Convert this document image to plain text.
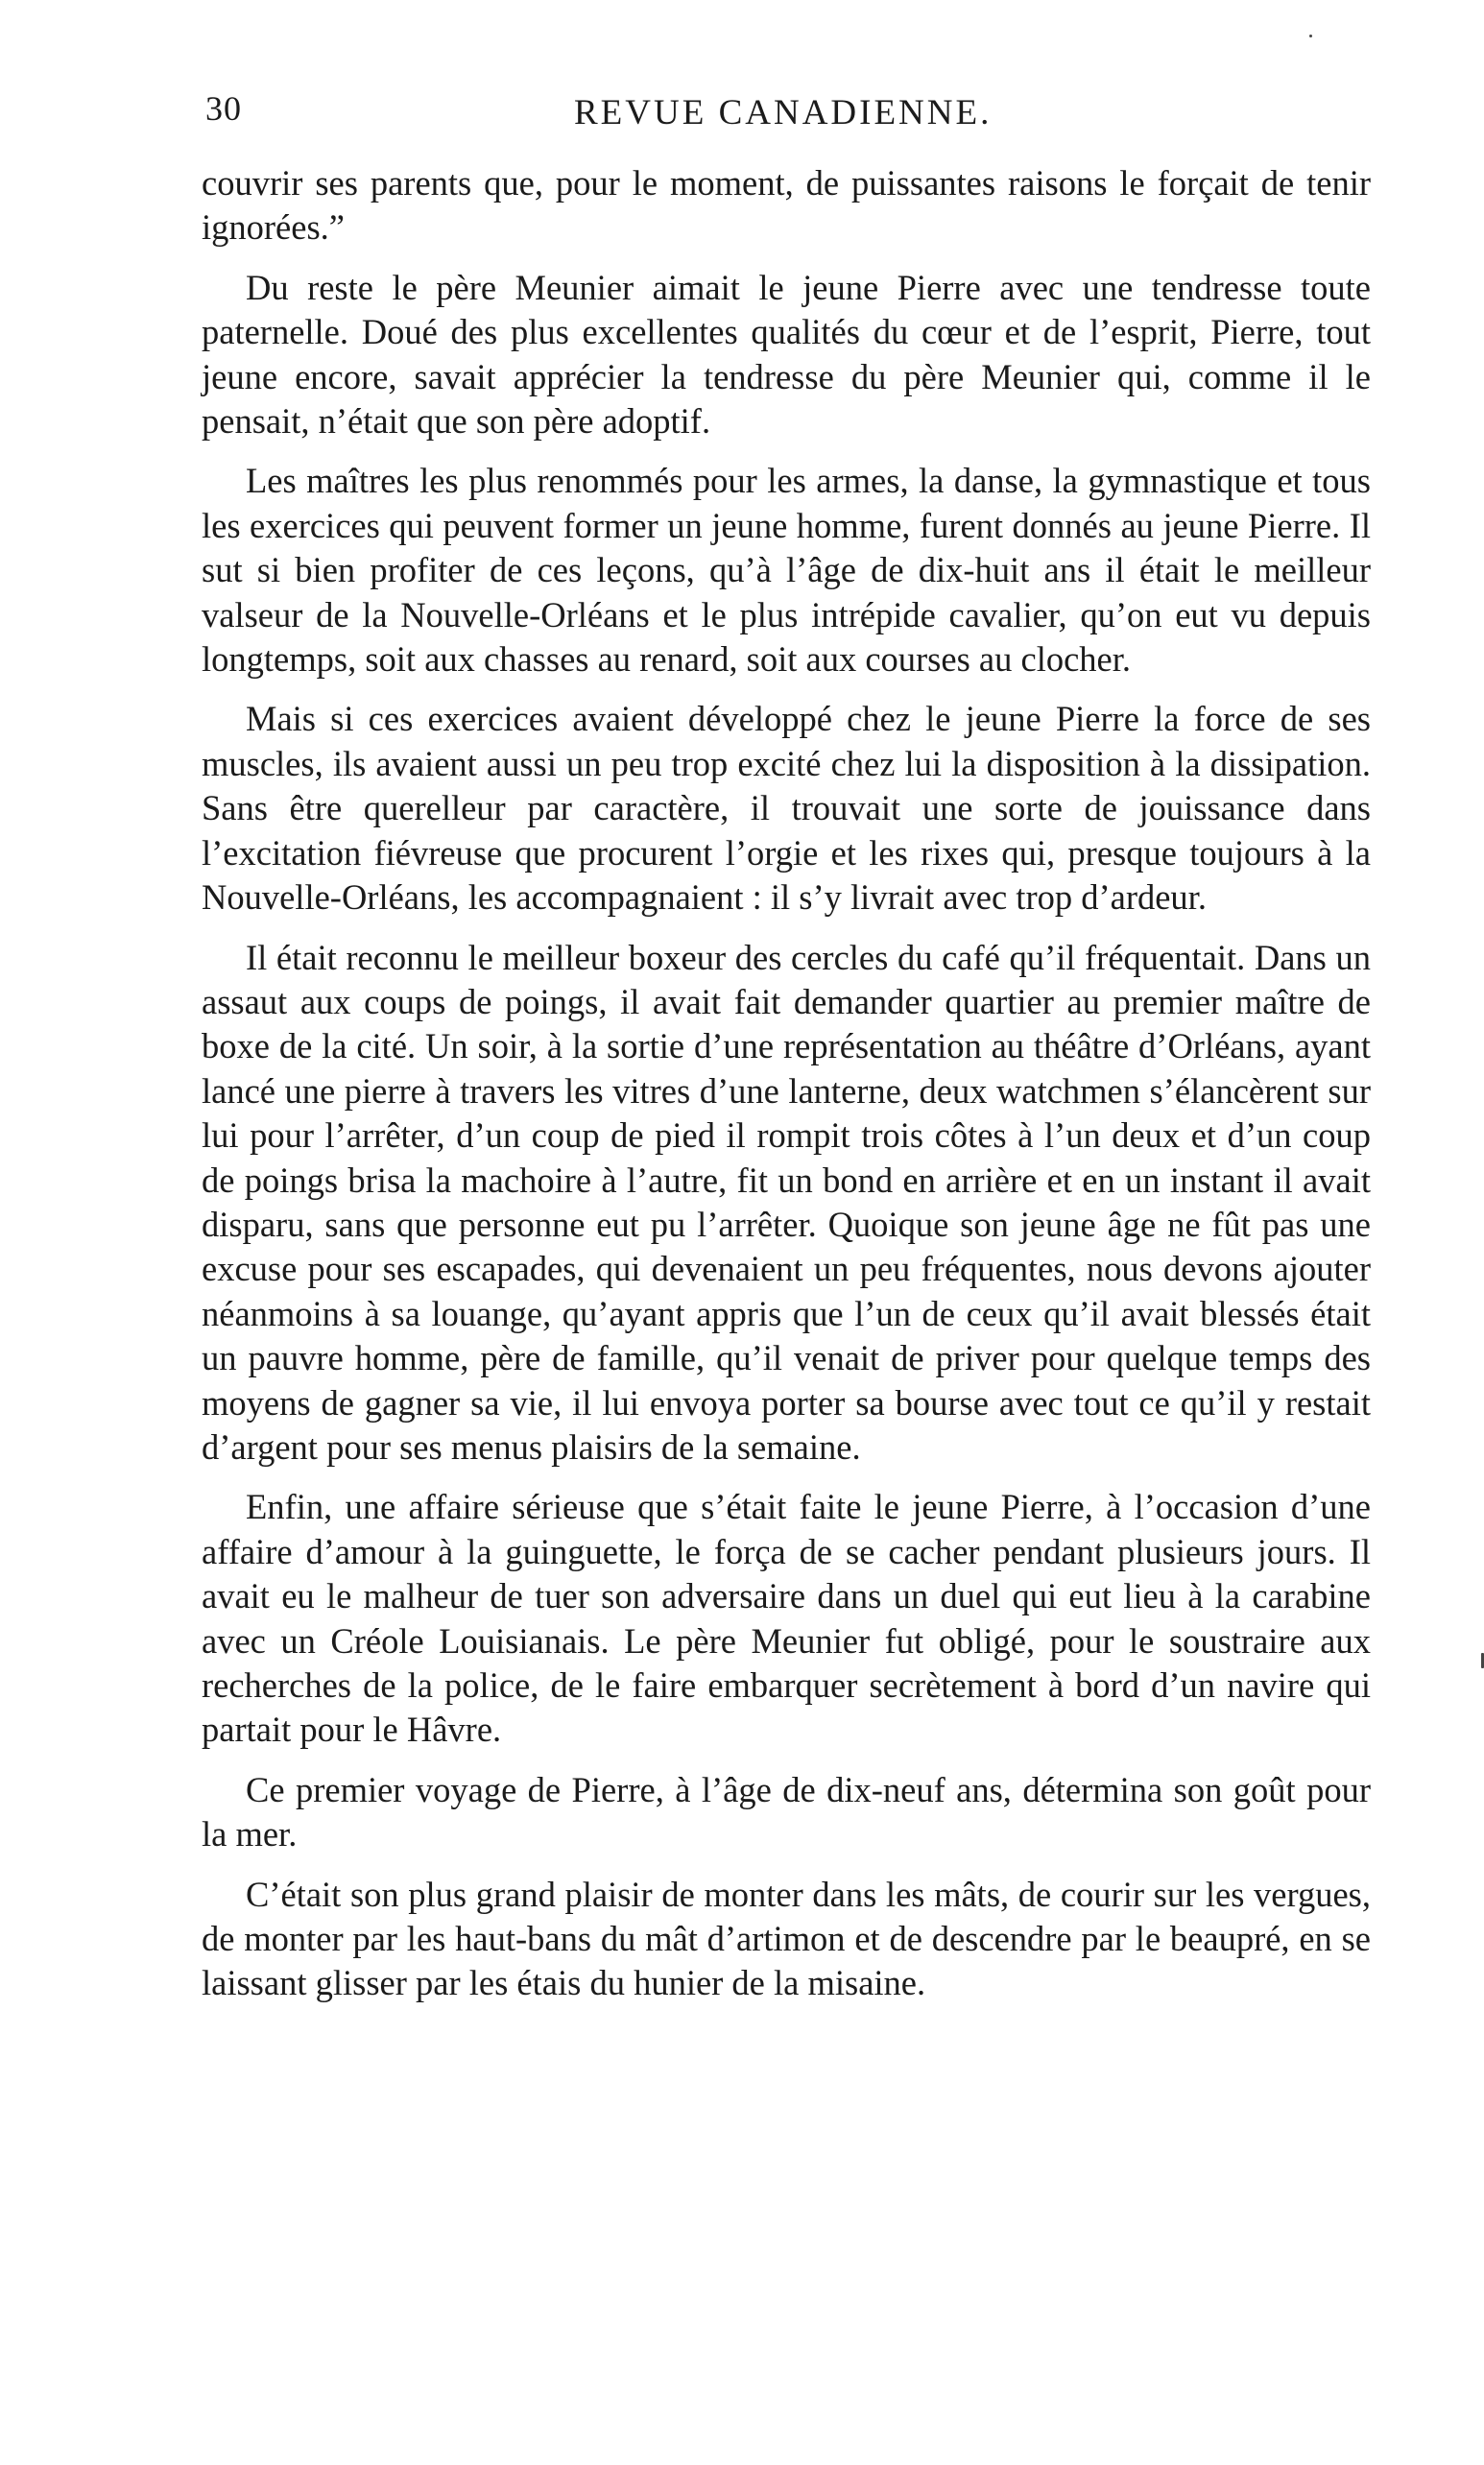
30	REVUE CANADIENNE.

couvrir ses parents que, pour le moment, de puissantes raisons le forçait de tenir ignorées.”

Du reste le père Meunier aimait le jeune Pierre avec une tendresse toute paternelle. Doué des plus excellentes qualités du cœur et de l’esprit, Pierre, tout jeune encore, savait apprécier la tendresse du père Meunier qui, comme il le pensait, n’était que son père adoptif.

Les maîtres les plus renommés pour les armes, la danse, la gymnastique et tous les exercices qui peuvent former un jeune homme, furent donnés au jeune Pierre. Il sut si bien profiter de ces leçons, qu’à l’âge de dix-huit ans il était le meilleur valseur de la Nouvelle-Orléans et le plus intrépide cavalier, qu’on eut vu depuis longtemps, soit aux chasses au renard, soit aux courses au clocher.

Mais si ces exercices avaient développé chez le jeune Pierre la force de ses muscles, ils avaient aussi un peu trop excité chez lui la disposition à la dissipation. Sans être querelleur par caractère, il trouvait une sorte de jouissance dans l’excitation fiévreuse que procurent l’orgie et les rixes qui, presque toujours à la Nouvelle-Orléans, les accompagnaient : il s’y livrait avec trop d’ardeur.

Il était reconnu le meilleur boxeur des cercles du café qu’il fréquentait. Dans un assaut aux coups de poings, il avait fait demander quartier au premier maître de boxe de la cité. Un soir, à la sortie d’une représentation au théâtre d’Orléans, ayant lancé une pierre à travers les vitres d’une lanterne, deux watchmen s’élancèrent sur lui pour l’arrêter, d’un coup de pied il rompit trois côtes à l’un deux et d’un coup de poings brisa la machoire à l’autre, fit un bond en arrière et en un instant il avait disparu, sans que personne eut pu l’arrêter. Quoique son jeune âge ne fût pas une excuse pour ses escapades, qui devenaient un peu fréquentes, nous devons ajouter néanmoins à sa louange, qu’ayant appris que l’un de ceux qu’il avait blessés était un pauvre homme, père de famille, qu’il venait de priver pour quelque temps des moyens de gagner sa vie, il lui envoya porter sa bourse avec tout ce qu’il y restait d’argent pour ses menus plaisirs de la semaine.

Enfin, une affaire sérieuse que s’était faite le jeune Pierre, à l’occasion d’une affaire d’amour à la guinguette, le força de se cacher pendant plusieurs jours. Il avait eu le malheur de tuer son adversaire dans un duel qui eut lieu à la carabine avec un Créole Louisianais. Le père Meunier fut obligé, pour le soustraire aux recherches de la police, de le faire embarquer secrètement à bord d’un navire qui partait pour le Hâvre.

Ce premier voyage de Pierre, à l’âge de dix-neuf ans, détermina son goût pour la mer.

C’était son plus grand plaisir de monter dans les mâts, de courir sur les vergues, de monter par les haut-bans du mât d’artimon et de descendre par le beaupré, en se laissant glisser par les étais du hunier de la misaine.
